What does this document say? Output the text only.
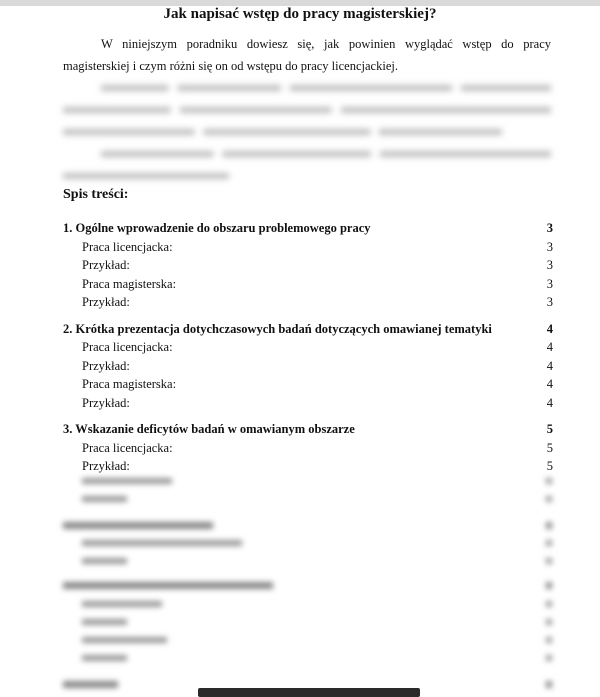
Jak napisać wstęp do pracy magisterskiej?
W niniejszym poradniku dowiesz się, jak powinien wyglądać wstęp do pracy magisterskiej i czym różni się on od wstępu do pracy licencjackiej.
Spis treści:
1. Ogólne wprowadzenie do obszaru problemowego pracy	3
Praca licencjacka:	3
Przykład:	3
Praca magisterska:	3
Przykład:	3
2. Krótka prezentacja dotychczasowych badań dotyczących omawianej tematyki	4
Praca licencjacka:	4
Przykład:	4
Praca magisterska:	4
Przykład:	4
3. Wskazanie deficytów badań w omawianym obszarze	5
Praca licencjacka:	5
Przykład:	5
